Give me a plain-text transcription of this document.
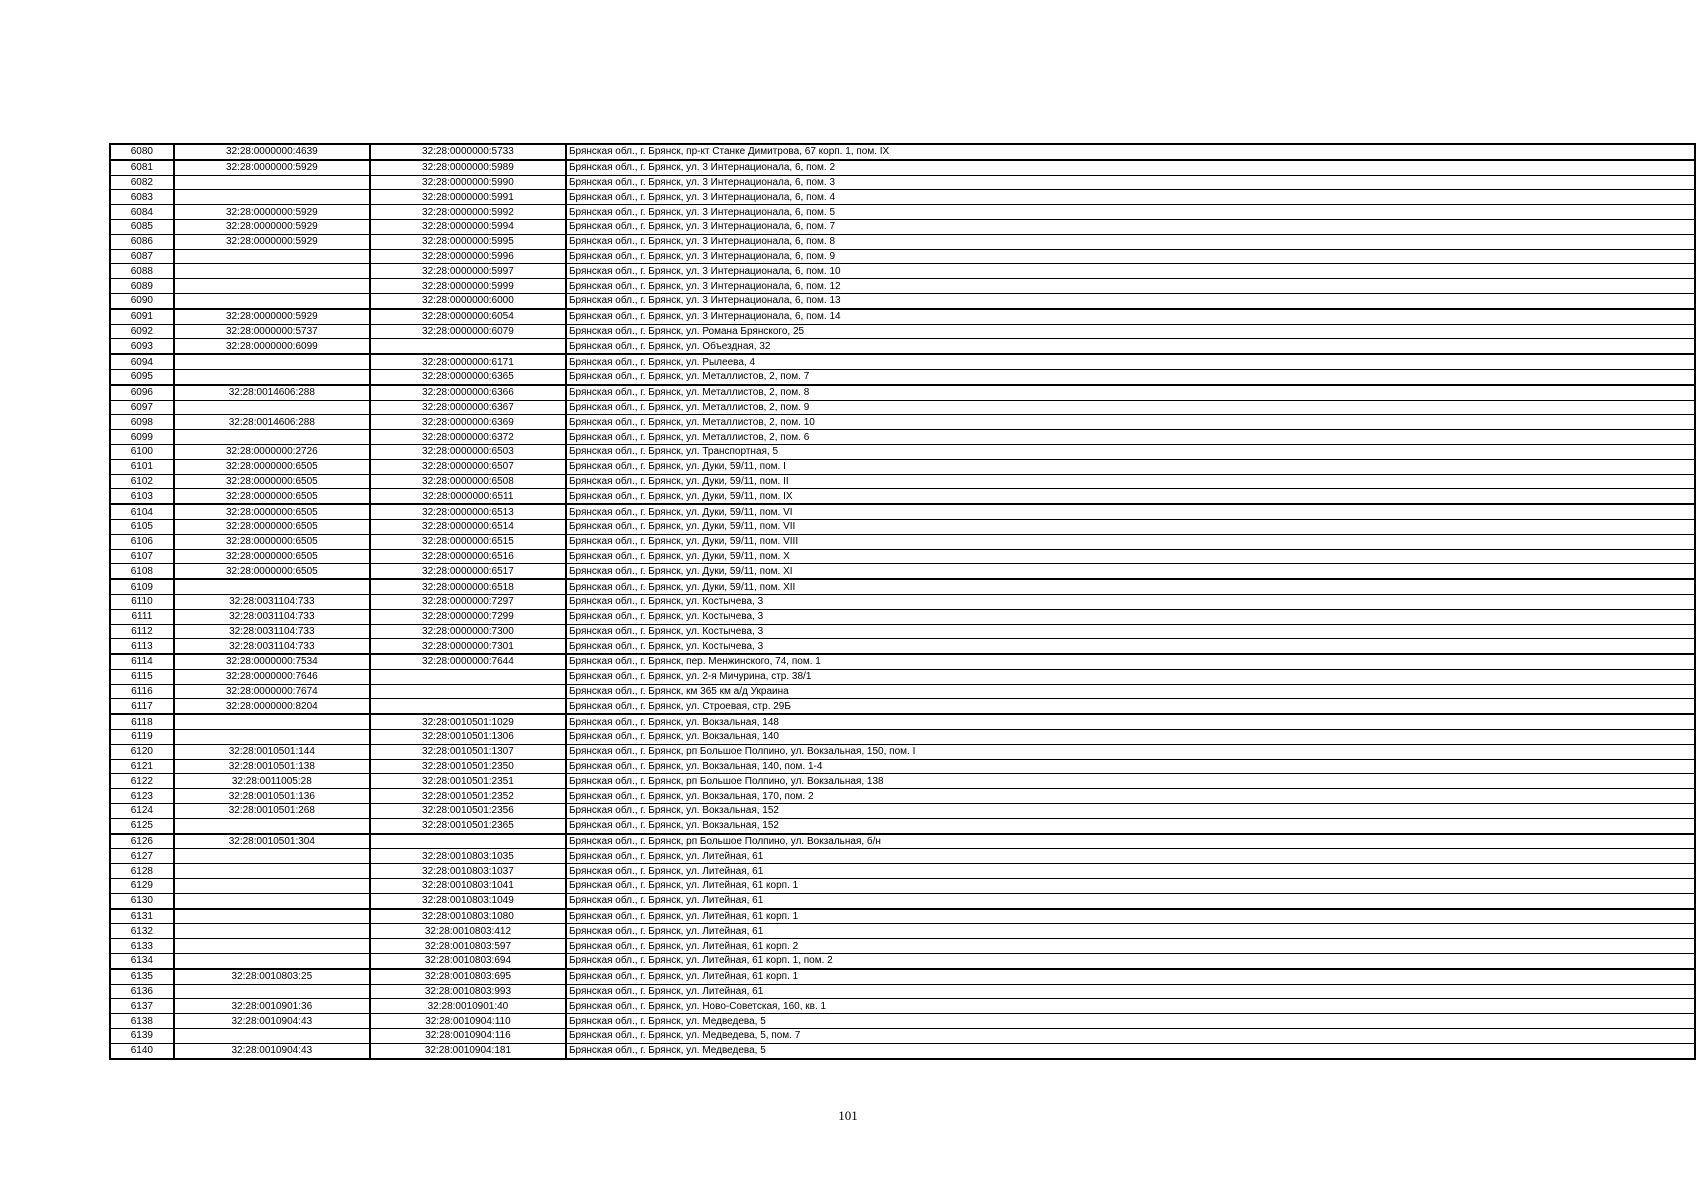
6080	32:28:0000000:4639	32:28:0000000:5733	Брянская обл., г. Брянск, пр-кт Станке Димитрова, 67 корп. 1, пом. IX
6081	32:28:0000000:5929	32:28:0000000:5989	Брянская обл., г. Брянск, ул. 3 Интернационала, 6, пом. 2
6082		32:28:0000000:5990	Брянская обл., г. Брянск, ул. 3 Интернационала, 6, пом. 3
6083		32:28:0000000:5991	Брянская обл., г. Брянск, ул. 3 Интернационала, 6, пом. 4
6084	32:28:0000000:5929	32:28:0000000:5992	Брянская обл., г. Брянск, ул. 3 Интернационала, 6, пом. 5
6085	32:28:0000000:5929	32:28:0000000:5994	Брянская обл., г. Брянск, ул. 3 Интернационала, 6, пом. 7
6086	32:28:0000000:5929	32:28:0000000:5995	Брянская обл., г. Брянск, ул. 3 Интернационала, 6, пом. 8
6087		32:28:0000000:5996	Брянская обл., г. Брянск, ул. 3 Интернационала, 6, пом. 9
6088		32:28:0000000:5997	Брянская обл., г. Брянск, ул. 3 Интернационала, 6, пом. 10
6089		32:28:0000000:5999	Брянская обл., г. Брянск, ул. 3 Интернационала, 6, пом. 12
6090		32:28:0000000:6000	Брянская обл., г. Брянск, ул. 3 Интернационала, 6, пом. 13
6091	32:28:0000000:5929	32:28:0000000:6054	Брянская обл., г. Брянск, ул. 3 Интернационала, 6, пом. 14
6092	32:28:0000000:5737	32:28:0000000:6079	Брянская обл., г. Брянск, ул. Романа Брянского, 25
6093	32:28:0000000:6099		Брянская обл., г. Брянск, ул. Объездная, 32
6094		32:28:0000000:6171	Брянская обл., г. Брянск, ул. Рылеева, 4
6095		32:28:0000000:6365	Брянская обл., г. Брянск, ул. Металлистов, 2, пом. 7
6096	32:28:0014606:288	32:28:0000000:6366	Брянская обл., г. Брянск, ул. Металлистов, 2, пом. 8
6097		32:28:0000000:6367	Брянская обл., г. Брянск, ул. Металлистов, 2, пом. 9
6098	32:28:0014606:288	32:28:0000000:6369	Брянская обл., г. Брянск, ул. Металлистов, 2, пом. 10
6099		32:28:0000000:6372	Брянская обл., г. Брянск, ул. Металлистов, 2, пом. 6
6100	32:28:0000000:2726	32:28:0000000:6503	Брянская обл., г. Брянск, ул. Транспортная, 5
6101	32:28:0000000:6505	32:28:0000000:6507	Брянская обл., г. Брянск, ул. Дуки, 59/11, пом. I
6102	32:28:0000000:6505	32:28:0000000:6508	Брянская обл., г. Брянск, ул. Дуки, 59/11, пом. II
6103	32:28:0000000:6505	32:28:0000000:6511	Брянская обл., г. Брянск, ул. Дуки, 59/11, пом. IX
6104	32:28:0000000:6505	32:28:0000000:6513	Брянская обл., г. Брянск, ул. Дуки, 59/11, пом. VI
6105	32:28:0000000:6505	32:28:0000000:6514	Брянская обл., г. Брянск, ул. Дуки, 59/11, пом. VII
6106	32:28:0000000:6505	32:28:0000000:6515	Брянская обл., г. Брянск, ул. Дуки, 59/11, пом. VIII
6107	32:28:0000000:6505	32:28:0000000:6516	Брянская обл., г. Брянск, ул. Дуки, 59/11, пом. X
6108	32:28:0000000:6505	32:28:0000000:6517	Брянская обл., г. Брянск, ул. Дуки, 59/11, пом. XI
6109		32:28:0000000:6518	Брянская обл., г. Брянск, ул. Дуки, 59/11, пом. XII
6110	32:28:0031104:733	32:28:0000000:7297	Брянская обл., г. Брянск, ул. Костычева, 3
6111	32:28:0031104:733	32:28:0000000:7299	Брянская обл., г. Брянск, ул. Костычева, 3
6112	32:28:0031104:733	32:28:0000000:7300	Брянская обл., г. Брянск, ул. Костычева, 3
6113	32:28:0031104:733	32:28:0000000:7301	Брянская обл., г. Брянск, ул. Костычева, 3
6114	32:28:0000000:7534	32:28:0000000:7644	Брянская обл., г. Брянск, пер. Менжинского, 74, пом. 1
6115	32:28:0000000:7646		Брянская обл., г. Брянск, ул. 2-я Мичурина, стр. 38/1
6116	32:28:0000000:7674		Брянская обл., г. Брянск, км 365 км а/д Украина
6117	32:28:0000000:8204		Брянская обл., г. Брянск, ул. Строевая, стр. 29Б
6118		32:28:0010501:1029	Брянская обл., г. Брянск, ул. Вокзальная, 148
6119		32:28:0010501:1306	Брянская обл., г. Брянск, ул. Вокзальная, 140
6120	32:28:0010501:144	32:28:0010501:1307	Брянская обл., г. Брянск, рп Большое Полпино, ул. Вокзальная, 150, пом. I
6121	32:28:0010501:138	32:28:0010501:2350	Брянская обл., г. Брянск, ул. Вокзальная, 140, пом. 1-4
6122	32:28:0011005:28	32:28:0010501:2351	Брянская обл., г. Брянск, рп Большое Полпино, ул. Вокзальная, 138
6123	32:28:0010501:136	32:28:0010501:2352	Брянская обл., г. Брянск, ул. Вокзальная, 170, пом. 2
6124	32:28:0010501:268	32:28:0010501:2356	Брянская обл., г. Брянск, ул. Вокзальная, 152
6125		32:28:0010501:2365	Брянская обл., г. Брянск, ул. Вокзальная, 152
6126	32:28:0010501:304		Брянская обл., г. Брянск, рп Большое Полпино, ул. Вокзальная, б/н
6127		32:28:0010803:1035	Брянская обл., г. Брянск, ул. Литейная, 61
6128		32:28:0010803:1037	Брянская обл., г. Брянск, ул. Литейная, 61
6129		32:28:0010803:1041	Брянская обл., г. Брянск, ул. Литейная, 61 корп. 1
6130		32:28:0010803:1049	Брянская обл., г. Брянск, ул. Литейная, 61
6131		32:28:0010803:1080	Брянская обл., г. Брянск, ул. Литейная, 61 корп. 1
6132		32:28:0010803:412	Брянская обл., г. Брянск, ул. Литейная, 61
6133		32:28:0010803:597	Брянская обл., г. Брянск, ул. Литейная, 61 корп. 2
6134		32:28:0010803:694	Брянская обл., г. Брянск, ул. Литейная, 61 корп. 1, пом. 2
6135	32:28:0010803:25	32:28:0010803:695	Брянская обл., г. Брянск, ул. Литейная, 61 корп. 1
6136		32:28:0010803:993	Брянская обл., г. Брянск, ул. Литейная, 61
6137	32:28:0010901:36	32:28:0010901:40	Брянская обл., г. Брянск, ул. Ново-Советская, 160, кв. 1
6138	32:28:0010904:43	32:28:0010904:110	Брянская обл., г. Брянск, ул. Медведева, 5
6139		32:28:0010904:116	Брянская обл., г. Брянск, ул. Медведева, 5, пом. 7
6140	32:28:0010904:43	32:28:0010904:181	Брянская обл., г. Брянск, ул. Медведева, 5
101
